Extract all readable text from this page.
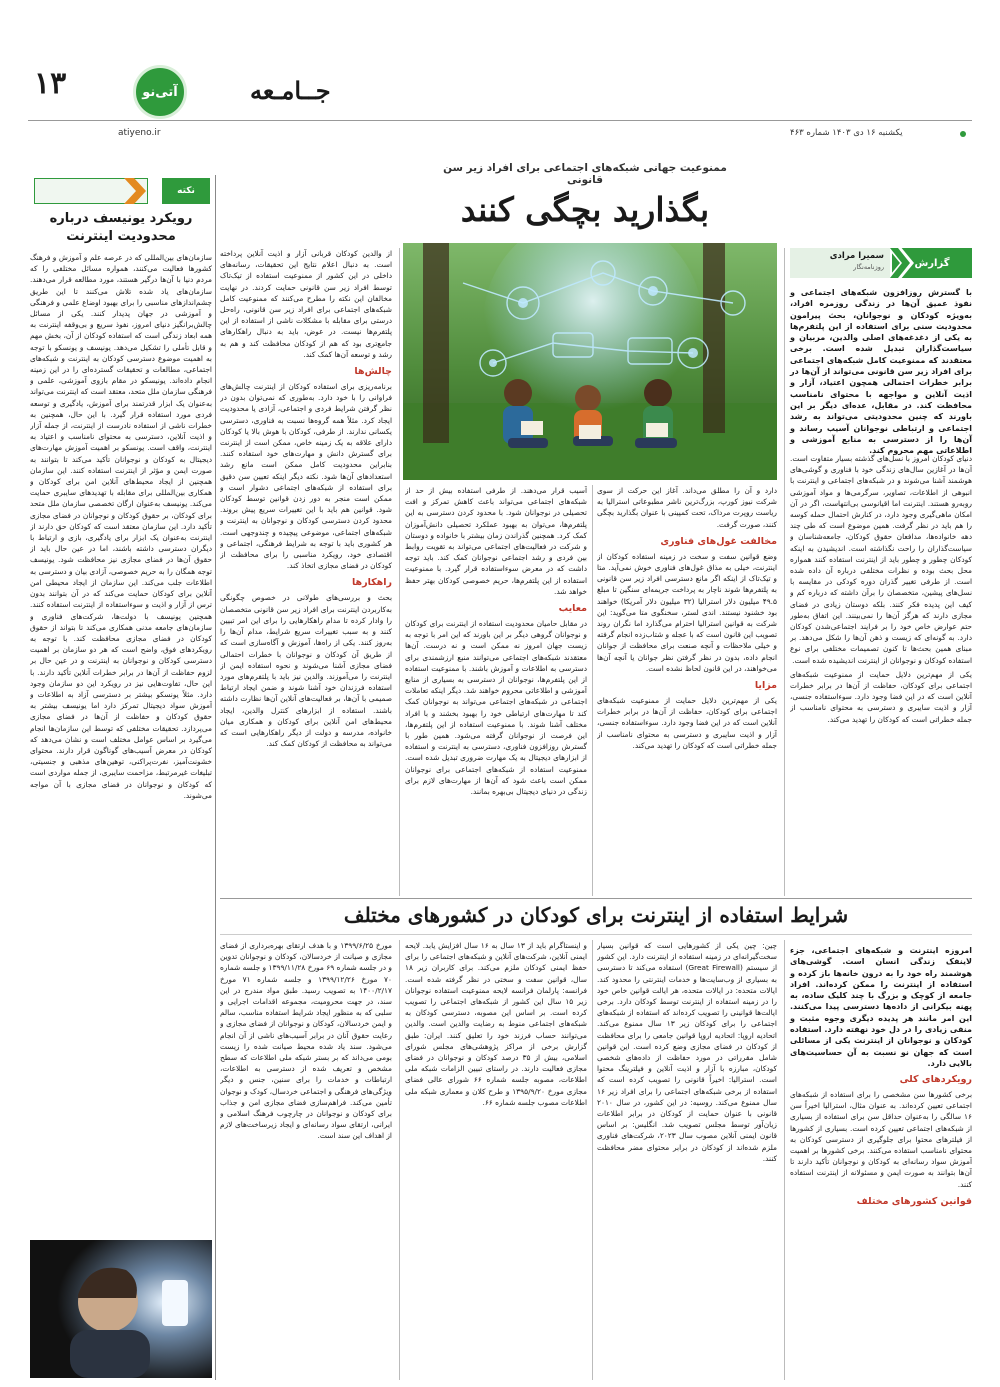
۱۳	آتی‌نو	جــامـعه
atiyeno.ir	یکشنبه ۱۶ دی ۱۴۰۳ شماره ۴۶۳
ممنوعیت جهانی شبکه‌های اجتماعی برای افراد زیر سن قانونی
بگذارید بچگی کنند
گزارش
سمیرا مرادی
روزنامه‌نگار
با گسترش روزافزون شبکه‌های اجتماعی و نفوذ عمیق آن‌ها در زندگی روزمره افراد، به‌ویژه کودکان و نوجوانان، بحث پیرامون محدودیت سنی برای استفاده از این پلتفرم‌ها به یکی از دغدغه‌های اصلی والدین، مربیان و سیاست‌گذاران تبدیل شده است. برخی معتقدند که ممنوعیت کامل شبکه‌های اجتماعی برای افراد زیر سن قانونی می‌تواند از آن‌ها در برابر خطرات احتمالی همچون اعتیاد، آزار و اذیت آنلاین و مواجهه با محتوای نامناسب محافظت کند. در مقابل، عده‌ای دیگر بر این باورند که چنین محدودیتی می‌تواند به رشد اجتماعی و ارتباطی نوجوانان آسیب رساند و آن‌ها را از دسترسی به منابع آموزشی و اطلاعاتی مهم محروم کند.

دنیای کودکان امروز با نسل‌های گذشته بسیار متفاوت است. آن‌ها در آغازین سال‌های زندگی خود با فناوری و گوشی‌های هوشمند آشنا می‌شوند و در شبکه‌های اجتماعی و اینترنت با انبوهی از اطلاعات، تصاویر، سرگرمی‌ها و مواد آموزشی روبه‌رو هستند. اینترنت اما اقیانوسی بی‌انتهاست، اگر در آن امکان ماهی‌گیری وجود دارد، در کنارش احتمال حمله کوسه را هم باید در نظر گرفت. همین موضوع است که طی چند دهه خانواده‌ها، مدافعان حقوق کودکان، جامعه‌شناسان و سیاست‌گذاران را راحت نگذاشته است. اندیشیدن به اینکه کودکان چطور و چطور باید از اینترنت استفاده کنند همواره محل بحث بوده و نظرات مختلفی درباره آن داده شده است. از طرفی تغییر گذران دوره کودکی در مقایسه با نسل‌های پیشین، متخصصان را برآن داشته که درباره کم و کیف این پدیده فکر کنند. بلکه دوستان زیادی در فضای مجازی دارند که هرگز آن‌ها را نمی‌بینند. این اتفاق به‌طور حتم عوارض خاص خود را بر فرایند اجتماعی‌شدن کودکان دارد. به گونه‌ای که زیست و ذهن آن‌ها را شکل می‌دهد. بر مبنای همین بحث‌ها تا کنون تصمیمات مختلفی برای نوع استفاده کودکان و نوجوانان از اینترنت اندیشیده شده است.

یکی از مهم‌ترین دلایل حمایت از ممنوعیت شبکه‌های اجتماعی برای کودکان، حفاظت از آن‌ها در برابر خطرات آنلاین است که در این فضا وجود دارد. سوءاستفاده جنسی، آزار و اذیت سایبری و دسترسی به محتوای نامناسب از جمله خطراتی است که کودکان را تهدید می‌کند.

دارد و آن را مطلق می‌داند. آغاز این حرکت از سوی شرکت نیوز کورپ، بزرگ‌ترین ناشر مطبوعاتی استرالیا به ریاست روپرت مرداک، تحت کمپینی با عنوان بگذارید بچگی کنند، صورت گرفت.

مخالفت غول‌های فناوری

وضع قوانین سفت و سخت در زمینه استفاده کودکان از اینترنت، خیلی به مذاق غول‌های فناوری خوش نمی‌آید. متا و تیک‌تاک از اینکه اگر مانع دسترسی افراد زیر سن قانونی به پلتفرم‌ها شوند ناچار به پرداخت جریمه‌ای سنگین تا مبلغ ۴۹.۵ میلیون دلار استرالیا (۳۲ میلیون دلار آمریکا) خواهند بود خشنود نیستند. اندی لستر، سخنگوی متا می‌گوید: این شرکت به قوانین استرالیا احترام می‌گذارد اما نگران روند تصویب این قانون است که با عجله و شتاب‌زده انجام گرفته و خیلی ملاحظات و آنچه صنعت برای محافظت از جوانان انجام داده، بدون در نظر گرفتن نظر جوانان یا آنچه آن‌ها می‌خواهند، در این قانون لحاظ نشده است.

مزایا

یکی از مهم‌ترین دلایل حمایت از ممنوعیت شبکه‌های اجتماعی برای کودکان، حفاظت از آن‌ها در برابر خطرات آنلاین است که در این فضا وجود دارد. سوءاستفاده جنسی، آزار و اذیت سایبری و دسترسی به محتوای نامناسب از جمله خطراتی است که کودکان را تهدید می‌کند.

آسیب قرار می‌دهند. از طرفی استفاده بیش از حد از شبکه‌های اجتماعی می‌تواند باعث کاهش تمرکز و افت تحصیلی در نوجوانان شود. با محدود کردن دسترسی به این پلتفرم‌ها، می‌توان به بهبود عملکرد تحصیلی دانش‌آموزان کمک کرد. همچنین گذراندن زمان بیشتر با خانواده و دوستان و شرکت در فعالیت‌های اجتماعی می‌تواند به تقویت روابط بین فردی و رشد اجتماعی نوجوانان کمک کند. باید توجه داشت که در معرض سوءاستفاده قرار گیرد. با ممنوعیت استفاده از این پلتفرم‌ها، حریم خصوصی کودکان بهتر حفظ خواهد شد.

معایب

در مقابل حامیان محدودیت استفاده از اینترنت برای کودکان و نوجوانان گروهی دیگر بر این باورند که این امر با توجه به زیست جهان امروز نه ممکن است و نه درست. آن‌ها معتقدند شبکه‌های اجتماعی می‌توانند منبع ارزشمندی برای دسترسی به اطلاعات و آموزش باشند. با ممنوعیت استفاده از این پلتفرم‌ها، نوجوانان از دسترسی به بسیاری از منابع آموزشی و اطلاعاتی محروم خواهند شد. دیگر اینکه تعاملات اجتماعی در شبکه‌های اجتماعی می‌تواند به نوجوانان کمک کند تا مهارت‌های ارتباطی خود را بهبود بخشند و با افراد مختلف آشنا شوند. با ممنوعیت استفاده از این پلتفرم‌ها، این فرصت از نوجوانان گرفته می‌شود. همین طور با گسترش روزافزون فناوری، دسترسی به اینترنت و استفاده از ابزارهای دیجیتال به یک مهارت ضروری تبدیل شده است. ممنوعیت استفاده از شبکه‌های اجتماعی برای نوجوانان ممکن است باعث شود که آن‌ها از مهارت‌های لازم برای زندگی در دنیای دیجیتال بی‌بهره بمانند.

از والدین کودکان قربانی آزار و اذیت آنلاین پرداخته است. به دنبال اعلام نتایج این تحقیقات، رسانه‌های داخلی در این کشور از ممنوعیت استفاده از تیک‌تاک توسط افراد زیر سن قانونی حمایت کردند. در نهایت مخالفان این نکته را مطرح می‌کنند که ممنوعیت کامل شبکه‌های اجتماعی برای افراد زیر سن قانونی، راه‌حل درستی برای مقابله با مشکلات ناشی از استفاده از این پلتفرم‌ها نیست. در عوض، باید به دنبال راهکارهای جامع‌تری بود که هم از کودکان محافظت کند و هم به رشد و توسعه آن‌ها کمک کند.

چالش‌ها

برنامه‌ریزی برای استفاده کودکان از اینترنت چالش‌های فراوانی را با خود دارد. به‌طوری که نمی‌توان بدون در نظر گرفتن شرایط فردی و اجتماعی، آزادی یا محدودیت ایجاد کرد. مثلاً همه گروه‌ها نسبت به فناوری، دسترسی یکسانی ندارند. از طرفی، کودکان با هوش بالا یا کودکان دارای علاقه به یک زمینه خاص، ممکن است از اینترنت برای گسترش دانش و مهارت‌های خود استفاده کنند. بنابراین محدودیت کامل ممکن است مانع رشد استعدادهای آن‌ها شود. نکته دیگر اینکه تعیین سن دقیق برای استفاده از شبکه‌های اجتماعی دشوار است و ممکن است منجر به دور زدن قوانین توسط کودکان شود. قوانین هم باید با این تغییرات سریع پیش بروند. محدود کردن دسترسی کودکان و نوجوانان به اینترنت و شبکه‌های اجتماعی، موضوعی پیچیده و چندوجهی است. هر کشوری باید با توجه به شرایط فرهنگی، اجتماعی و اقتصادی خود، رویکرد مناسبی را برای محافظت از کودکان در فضای مجازی اتخاذ کند.

راهکارها

بحث و بررسی‌های طولانی در خصوص چگونگی به‌کاربردن اینترنت برای افراد زیر سن قانونی متخصصان را وادار کرده تا مدام راهکارهایی را برای این امر تبیین کنند و به سبب تغییرات سریع شرایط، مدام آن‌ها را به‌روز کنند. یکی از راه‌ها، آموزش و آگاه‌سازی است که از طریق آن کودکان و نوجوانان با خطرات احتمالی فضای مجازی آشنا می‌شوند و نحوه استفاده ایمن از اینترنت را می‌آموزند. والدین نیز باید با پلتفرم‌های مورد استفاده فرزندان خود آشنا شوند و ضمن ایجاد ارتباط صمیمی با آن‌ها، بر فعالیت‌های آنلاین آن‌ها نظارت داشته باشند. استفاده از ابزارهای کنترل والدین، ایجاد محیط‌های امن آنلاین برای کودکان و همکاری میان خانواده، مدرسه و دولت از دیگر راهکارهایی است که می‌تواند به محافظت از کودکان کمک کند.

نکته
رویکرد یونیسف درباره محدودیت اینترنت

سازمان‌های بین‌المللی که در عرصه علم و آموزش و فرهنگ کشورها فعالیت می‌کنند، همواره مسائل مختلفی را که مردم دنیا با آن‌ها درگیر هستند، مورد مطالعه قرار می‌دهند. سازمان‌های یاد شده تلاش می‌کنند تا این طریق چشم‌اندازهای مناسبی را برای بهبود اوضاع علمی و فرهنگی و آموزشی در جهان پدیدار کنند. یکی از مسائل چالش‌برانگیز دنیای امروز، نفوذ سریع و بی‌وقفه اینترنت به همه ابعاد زندگی است که استفاده کودکان از آن، بخش مهم و قابل تأملی را تشکیل می‌دهد. یونیسف و یونسکو با توجه به اهمیت موضوع دسترسی کودکان به اینترنت و شبکه‌های اجتماعی، مطالعات و تحقیقات گسترده‌ای را در این زمینه انجام داده‌اند. یونیسکو در مقام بازوی آموزشی، علمی و فرهنگی سازمان ملل متحد، معتقد است که اینترنت می‌تواند به‌عنوان یک ابزار قدرتمند برای آموزش، یادگیری و توسعه فردی مورد استفاده قرار گیرد. با این حال، همچنین به خطرات ناشی از استفاده نادرست از اینترنت، از جمله آزار و اذیت آنلاین، دسترسی به محتوای نامناسب و اعتیاد به اینترنت، واقف است. یونسکو بر اهمیت آموزش مهارت‌های دیجیتال به کودکان و نوجوانان تأکید می‌کند تا بتوانند به صورت ایمن و مؤثر از اینترنت استفاده کنند. این سازمان همچنین از ایجاد محیط‌های آنلاین امن برای کودکان و همکاری بین‌المللی برای مقابله با تهدیدهای سایبری حمایت می‌کند. یونیسف به‌عنوان ارگان تخصصی سازمان ملل متحد برای کودکان، بر حقوق کودکان و نوجوانان در فضای مجازی تأکید دارد. این سازمان معتقد است که کودکان حق دارند از اینترنت به‌عنوان یک ابزار برای یادگیری، بازی و ارتباط با دیگران دسترسی داشته باشند، اما در عین حال باید از حقوق آن‌ها در فضای مجازی نیز محافظت شود. یونیسف توجه همگان را به حریم خصوصی، آزادی بیان و دسترسی به اطلاعات جلب می‌کند. این سازمان از ایجاد محیطی امن آنلاین برای کودکان حمایت می‌کند که در آن بتوانند بدون ترس از آزار و اذیت و سوءاستفاده از اینترنت استفاده کنند. همچنین یونیسف با دولت‌ها، شرکت‌های فناوری و سازمان‌های جامعه مدنی همکاری می‌کند تا بتواند از حقوق کودکان در فضای مجازی محافظت کند. با توجه به رویکردهای فوق، واضح است که هر دو سازمان بر اهمیت دسترسی کودکان و نوجوانان به اینترنت و در عین حال بر لزوم حفاظت از آن‌ها در برابر خطرات آنلاین تأکید دارند. با این حال، تفاوت‌هایی نیز در رویکرد این دو سازمان وجود دارد. مثلاً یونسکو بیشتر بر دسترسی آزاد به اطلاعات و آموزش سواد دیجیتال تمرکز دارد اما یونیسف بیشتر به حقوق کودکان و حفاظت از آن‌ها در فضای مجازی می‌پردازد. تحقیقات مختلفی که توسط این سازمان‌ها انجام می‌گیرد بر اساس عوامل مختلف است و نشان می‌دهد که کودکان در معرض آسیب‌های گوناگون قرار دارند. محتوای خشونت‌آمیز، نفرت‌پراکنی، توهین‌های مذهبی و جنسیتی، تبلیغات غیرمرتبط، مزاحمت سایبری، از جمله مواردی است که کودکان و نوجوانان در فضای مجازی با آن مواجه می‌شوند.

شرایط استفاده از اینترنت برای کودکان در کشورهای مختلف
امروزه اینترنت و شبکه‌های اجتماعی، جزء لاینفک زندگی انسان است. گوشی‌های هوشمند راه خود را به درون خانه‌ها باز کرده و استفاده از اینترنت را ممکن کرده‌اند. افراد جامعه از کوچک و بزرگ با چند کلیک ساده، به پهنه بیکرانی از داده‌ها دسترسی پیدا می‌کنند. این امر مانند هر پدیده دیگری وجوه مثبت و منفی زیادی را در دل خود نهفته دارد. استفاده کودکان و نوجوانان از اینترنت یکی از مسائلی است که جهان نو نسبت به آن حساسیت‌های بالایی دارد.
رویکردهای کلی

برخی کشورها سن مشخصی را برای استفاده از شبکه‌های اجتماعی تعیین کرده‌اند. به عنوان مثال، استرالیا اخیراً سن ۱۶ سالگی را به‌عنوان حداقل سن برای استفاده از بسیاری از شبکه‌های اجتماعی تعیین کرده است. بسیاری از کشورها از فیلترهای محتوا برای جلوگیری از دسترسی کودکان به محتوای نامناسب استفاده می‌کنند. برخی کشورها بر اهمیت آموزش سواد رسانه‌ای به کودکان و نوجوانان تأکید دارند تا آن‌ها بتوانند به صورت ایمن و مسئولانه از اینترنت استفاده کنند.

قوانین کشورهای مختلف

چین: چین یکی از کشورهایی است که قوانین بسیار سخت‌گیرانه‌ای در زمینه استفاده از اینترنت دارد. این کشور از سیستم (Great Firewall) استفاده می‌کند تا دسترسی به بسیاری از وب‌سایت‌ها و خدمات اینترنتی را محدود کند. ایالات متحده: در ایالات متحده، هر ایالت قوانین خاص خود را در زمینه استفاده از اینترنت توسط کودکان دارد. برخی ایالت‌ها قوانینی را تصویب کرده‌اند که استفاده از شبکه‌های اجتماعی را برای کودکان زیر ۱۳ سال ممنوع می‌کند. اتحادیه اروپا: اتحادیه اروپا قوانین جامعی را برای محافظت از کودکان در فضای مجازی وضع کرده است. این قوانین شامل مقرراتی در مورد حفاظت از داده‌های شخصی کودکان، مبارزه با آزار و اذیت آنلاین و فیلترینگ محتوا است. استرالیا: اخیراً قانونی را تصویب کرده است که استفاده از برخی شبکه‌های اجتماعی را برای افراد زیر ۱۶ سال ممنوع می‌کند. روسیه: در این کشور، در سال ۲۰۱۰ قانونی با عنوان حمایت از کودکان در برابر اطلاعات زیان‌آور توسط مجلس تصویب شد. انگلیس: بر اساس قانون ایمنی آنلاین مصوب سال ۲۰۲۳، شرکت‌های فناوری ملزم شده‌اند از کودکان در برابر محتوای مضر محافظت کنند.

و اینستاگرام باید از ۱۳ سال به ۱۶ سال افزایش یابد. لایحه ایمنی آنلاین، شرکت‌های آنلاین و شبکه‌های اجتماعی را برای حفظ ایمنی کودکان ملزم می‌کند. برای کاربران زیر ۱۸ سال، قوانین سفت و سختی در نظر گرفته شده است. فرانسه: پارلمان فرانسه لایحه ممنوعیت استفاده نوجوانان زیر ۱۵ سال این کشور از شبکه‌های اجتماعی را تصویب کرده است. بر اساس این مصوبه، دسترسی کودکان به شبکه‌های اجتماعی منوط به رضایت والدین است. والدین می‌توانند حساب فرزند خود را تعلیق کنند. ایران: طبق گزارش برخی از مراکز پژوهشی‌های مجلس شورای اسلامی، بیش از ۳۵ درصد کودکان و نوجوانان در فضای مجازی فعالیت دارند. در راستای تبیین الزامات شبکه ملی اطلاعات، مصوبه جلسه شماره ۶۶ شورای عالی فضای مجازی مورخ ۱۳۹۵/۹/۲۰ و طرح کلان و معماری شبکه ملی اطلاعات مصوب جلسه شماره ۶۶.

مورخ ۱۳۹۹/۶/۲۵ و با هدف ارتقای بهره‌برداری از فضای مجازی و صیانت از خردسالان، کودکان و نوجوانان تدوین و در جلسه شماره ۶۹ مورخ ۱۳۹۹/۱۱/۲۸ و جلسه شماره ۷۰ مورخ ۱۳۹۹/۱۲/۲۶ و جلسه شماره ۷۱ مورخ ۱۴۰۰/۲/۱۷ به تصویب رسید. طبق مواد مندرج در این سند، در جهت محرومیت، مجموعه اقدامات اجرایی و سلبی که به منظور ایجاد شرایط استفاده مناسب، سالم و ایمن خردسالان، کودکان و نوجوانان از فضای مجازی و رعایت حقوق آنان در برابر آسیب‌های ناشی از آن انجام می‌شود. سند یاد شده محیط صیانت شده را زیست بومی می‌داند که بر بستر شبکه ملی اطلاعات که سطح مشخص و تعریف شده از دسترسی به اطلاعات، ارتباطات و خدمات را برای سنین، جنس و دیگر ویژگی‌های فرهنگی و اجتماعی خردسال، کودک و نوجوان تأمین می‌کند. فراهم‌سازی فضای مجازی امن و جذاب برای کودکان و نوجوانان در چارچوب فرهنگ اسلامی و ایرانی، ارتقای سواد رسانه‌ای و ایجاد زیرساخت‌های لازم از اهداف این سند است.
